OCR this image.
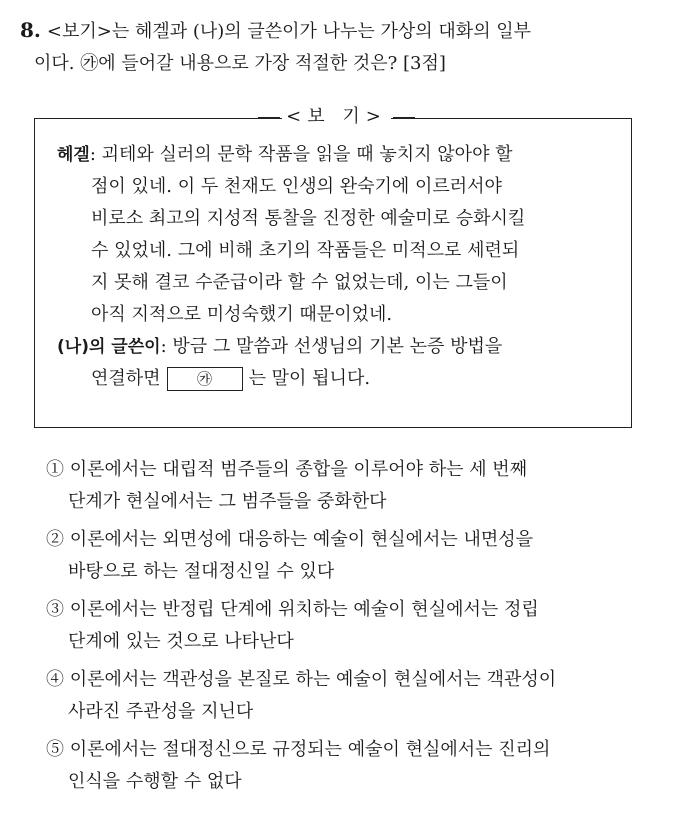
8. <보기>는 헤겔과 (나)의 글쓴이가 나누는 가상의 대화의 일부
이다. ㉮에 들어갈 내용으로 가장 적절한 것은? [3점]
헤겔: 괴테와 실러의 문학 작품을 읽을 때 놓치지 않아야 할
점이 있네. 이 두 천재도 인생의 완숙기에 이르러서야
비로소 최고의 지성적 통찰을 진정한 예술미로 승화시킬
수 있었네. 그에 비해 초기의 작품들은 미적으로 세련되
지 못해 결코 수준급이라 할 수 없었는데, 이는 그들이
아직 지적으로 미성숙했기 때문이었네.
(나)의 글쓴이: 방금 그 말씀과 선생님의 기본 논증 방법을
연결하면 ㉮ 는 말이 됩니다.
<보 기>
① 이론에서는 대립적 범주들의 종합을 이루어야 하는 세 번째
단계가 현실에서는 그 범주들을 중화한다
② 이론에서는 외면성에 대응하는 예술이 현실에서는 내면성을
바탕으로 하는 절대정신일 수 있다
③ 이론에서는 반정립 단계에 위치하는 예술이 현실에서는 정립
단계에 있는 것으로 나타난다
④ 이론에서는 객관성을 본질로 하는 예술이 현실에서는 객관성이
사라진 주관성을 지닌다
⑤ 이론에서는 절대정신으로 규정되는 예술이 현실에서는 진리의
인식을 수행할 수 없다
